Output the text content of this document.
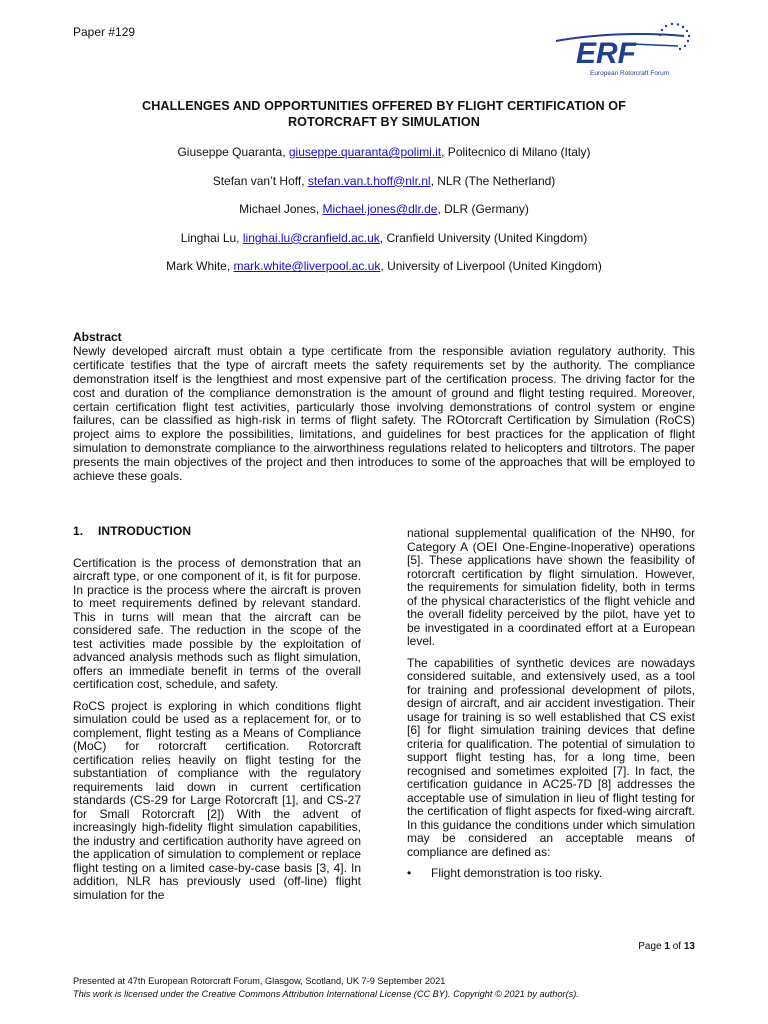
Paper #129
ERF
European Rotorcraft Forum
CHALLENGES AND OPPORTUNITIES OFFERED BY FLIGHT CERTIFICATION OF
ROTORCRAFT BY SIMULATION
Giuseppe Quaranta, giuseppe.quaranta@polimi.it, Politecnico di Milano (Italy)
Stefan van’t Hoff, stefan.van.t.hoff@nlr.nl, NLR (The Netherland)
Michael Jones, Michael.jones@dlr.de, DLR (Germany)
Linghai Lu, linghai.lu@cranfield.ac.uk, Cranfield University (United Kingdom)
Mark White, mark.white@liverpool.ac.uk, University of Liverpool (United Kingdom)
Abstract

Newly developed aircraft must obtain a type certificate from the responsible aviation regulatory authority. This certificate testifies that the type of aircraft meets the safety requirements set by the authority. The compliance demonstration itself is the lengthiest and most expensive part of the certification process. The driving factor for the cost and duration of the compliance demonstration is the amount of ground and flight testing required. Moreover, certain certification flight test activities, particularly those involving demonstrations of control system or engine failures, can be classified as high-risk in terms of flight safety. The ROtorcraft Certification by Simulation (RoCS) project aims to explore the possibilities, limitations, and guidelines for best practices for the application of flight simulation to demonstrate compliance to the airworthiness regulations related to helicopters and tiltrotors. The paper presents the main objectives of the project and then introduces to some of the approaches that will be employed to achieve these goals.

1. INTRODUCTION

Certification is the process of demonstration that an aircraft type, or one component of it, is fit for purpose. In practice is the process where the aircraft is proven to meet requirements defined by relevant standard. This in turns will mean that the aircraft can be considered safe. The reduction in the scope of the test activities made possible by the exploitation of advanced analysis methods such as flight simulation, offers an immediate benefit in terms of the overall certification cost, schedule, and safety.

RoCS project is exploring in which conditions flight simulation could be used as a replacement for, or to complement, flight testing as a Means of Compliance (MoC) for rotorcraft certification. Rotorcraft certification relies heavily on flight testing for the substantiation of compliance with the regulatory requirements laid down in current certification standards (CS-29 for Large Rotorcraft [1], and CS-27 for Small Rotorcraft [2]) With the advent of increasingly high-fidelity flight simulation capabilities, the industry and certification authority have agreed on the application of simulation to complement or replace flight testing on a limited case-by-case basis [3, 4]. In addition, NLR has previously used (off-line) flight simulation for the

national supplemental qualification of the NH90, for Category A (OEI One-Engine-Inoperative) operations [5]. These applications have shown the feasibility of rotorcraft certification by flight simulation. However, the requirements for simulation fidelity, both in terms of the physical characteristics of the flight vehicle and the overall fidelity perceived by the pilot, have yet to be investigated in a coordinated effort at a European level.

The capabilities of synthetic devices are nowadays considered suitable, and extensively used, as a tool for training and professional development of pilots, design of aircraft, and air accident investigation. Their usage for training is so well established that CS exist [6] for flight simulation training devices that define criteria for qualification. The potential of simulation to support flight testing has, for a long time, been recognised and sometimes exploited [7]. In fact, the certification guidance in AC25-7D [8] addresses the acceptable use of simulation in lieu of flight testing for the certification of flight aspects for fixed-wing aircraft. In this guidance the conditions under which simulation may be considered an acceptable means of compliance are defined as:

•	Flight demonstration is too risky.
Page 1 of 13
Presented at 47th European Rotorcraft Forum, Glasgow, Scotland, UK 7-9 September 2021
This work is licensed under the Creative Commons Attribution International License (CC BY). Copyright © 2021 by author(s).
